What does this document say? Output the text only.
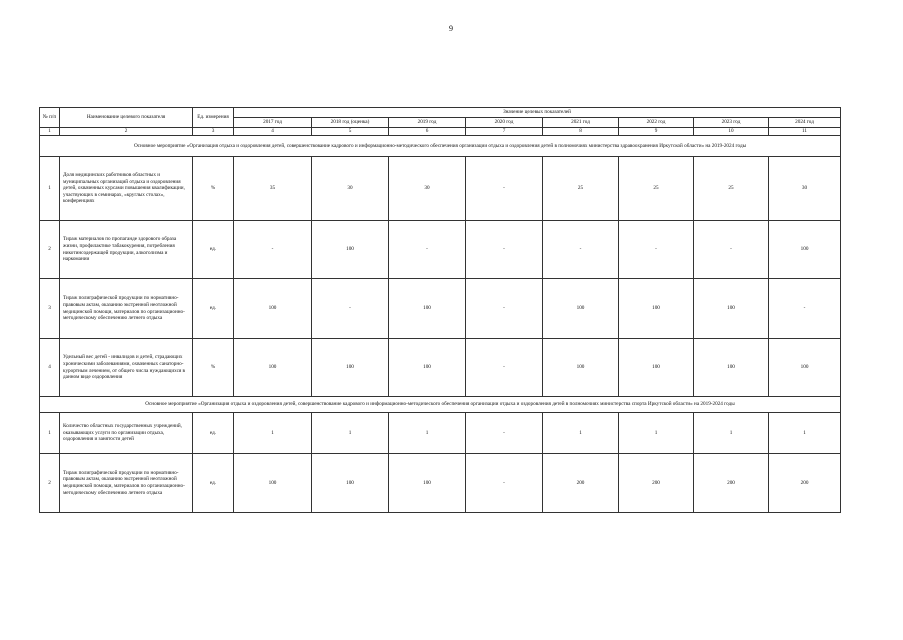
9
№ п/п	Наименование целевого показателя	Ед. измерения	Значение целевых показателей							
			2017 год	2018 год (оценка)	2019 год	2020 год	2021 год	2022 год	2023 год	2024 год
1	2	3	4	5	6	7	8	9	10	11
Основное мероприятие «Организация отдыха и оздоровления детей, совершенствование кадрового и информационно-методического обеспечения организации отдыха и оздоровления детей в полномочиях министерства здравоохранения Иркутской области» на 2019-2024 годы										
1	Доля медицинских работников областных и муниципальных организаций отдыха и оздоровления детей, охваченных курсами повышения квалификации, участвующих в семинарах, «круглых столах», конференциях	%	35	30	30	-	25	25	25	30
2	Тираж материалов по пропаганде здорового образа жизни, профилактике табакокурения, потребления никотинсодержащей продукции, алкоголизма и наркомании	ед.	-	100	-	-	-	-	-	100
3	Тираж полиграфической продукции по нормативно-правовым актам, оказанию экстренной неотложной медицинской помощи, материалов по организационно-методическому обеспечению летнего отдыха	ед.	100	-	100	-	100	100	100	-
4	Удельный вес детей - инвалидов и детей, страдающих хроническими заболеваниями, охваченных санаторно-курортным лечением, от общего числа нуждающихся в данном виде оздоровления	%	100	100	100	-	100	100	100	100
Основное мероприятие «Организация отдыха и оздоровления детей, совершенствование кадрового и информационно-методического обеспечения организации отдыха и оздоровления детей в полномочиях министерства спорта Иркутской области» на 2019-2024 годы										
1	Количество областных государственных учреждений, оказывающих услуги по организации отдыха, оздоровления и занятости детей	ед.	1	1	1	-	1	1	1	1
2	Тираж полиграфической продукции по нормативно-правовым актам, оказанию экстренной неотложной медицинской помощи, материалов по организационно-методическому обеспечению летнего отдыха	ед.	100	100	100	-	200	200	200	200
